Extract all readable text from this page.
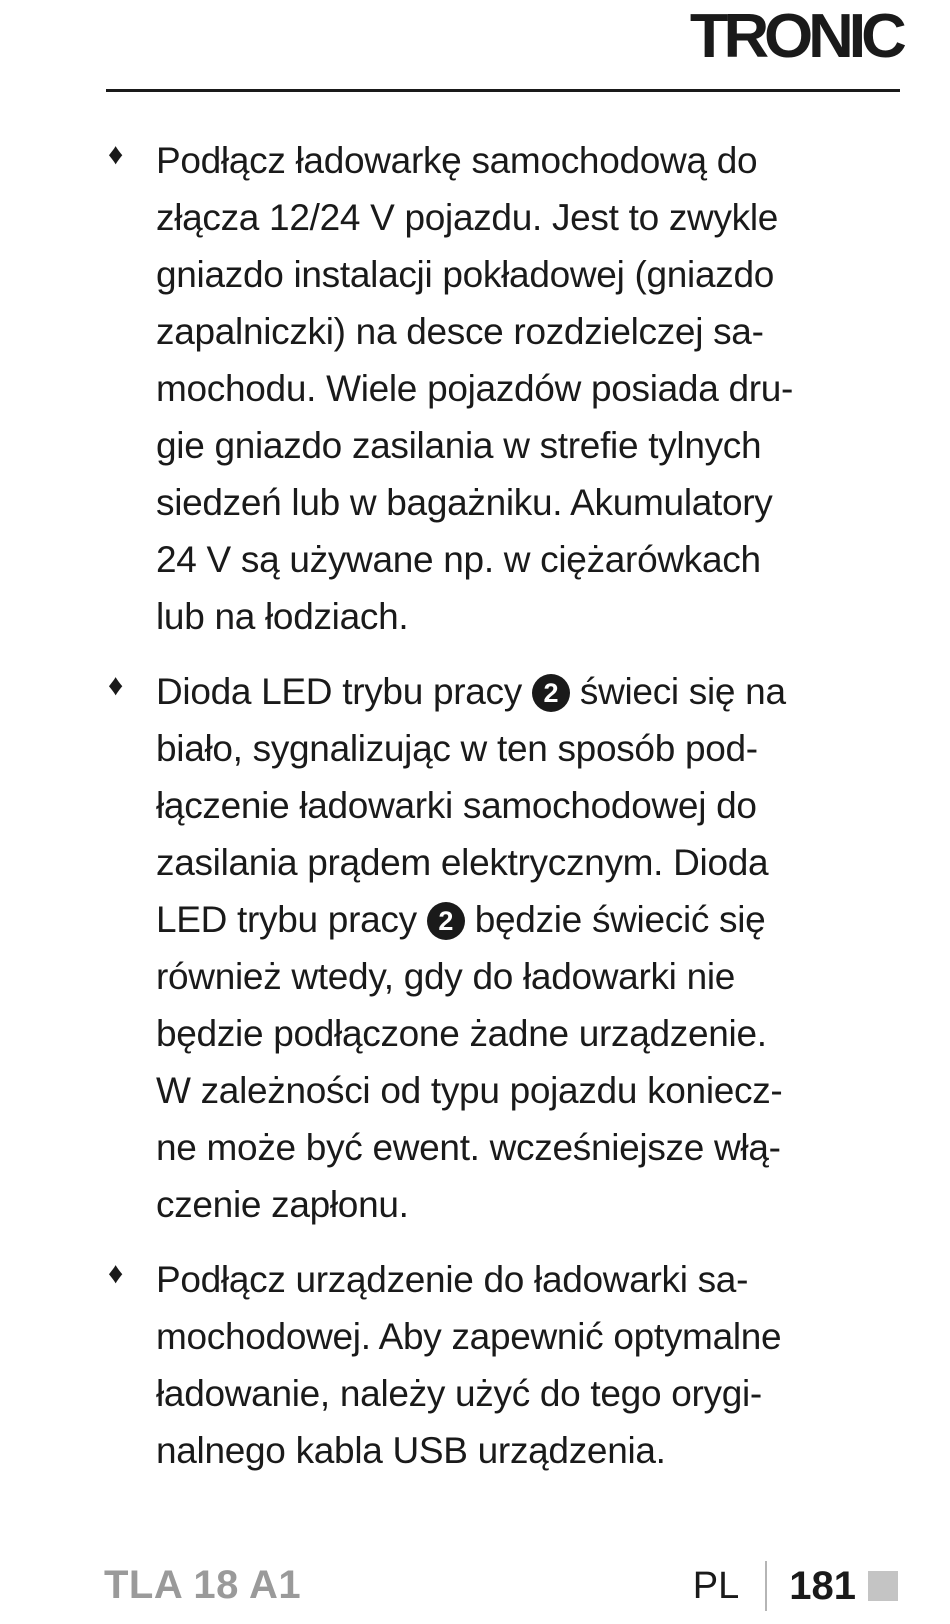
TRONIC
♦ Podłącz ładowarkę samochodową do
złącza 12/24 V pojazdu. Jest to zwykle
gniazdo instalacji pokładowej (gniazdo
zapalniczki) na desce rozdzielczej sa-
mochodu. Wiele pojazdów posiada dru-
gie gniazdo zasilania w strefie tylnych
siedzeń lub w bagażniku. Akumulatory
24 V są używane np. w ciężarówkach
lub na łodziach.
♦ Dioda LED trybu pracy 2 świeci się na
biało, sygnalizując w ten sposób pod-
łączenie ładowarki samochodowej do
zasilania prądem elektrycznym. Dioda
LED trybu pracy 2 będzie świecić się
również wtedy, gdy do ładowarki nie
będzie podłączone żadne urządzenie.
W zależności od typu pojazdu koniecz-
ne może być ewent. wcześniejsze włą-
czenie zapłonu.
♦ Podłącz urządzenie do ładowarki sa-
mochodowej. Aby zapewnić optymalne
ładowanie, należy użyć do tego orygi-
nalnego kabla USB urządzenia.
TLA 18 A1	PL 181
